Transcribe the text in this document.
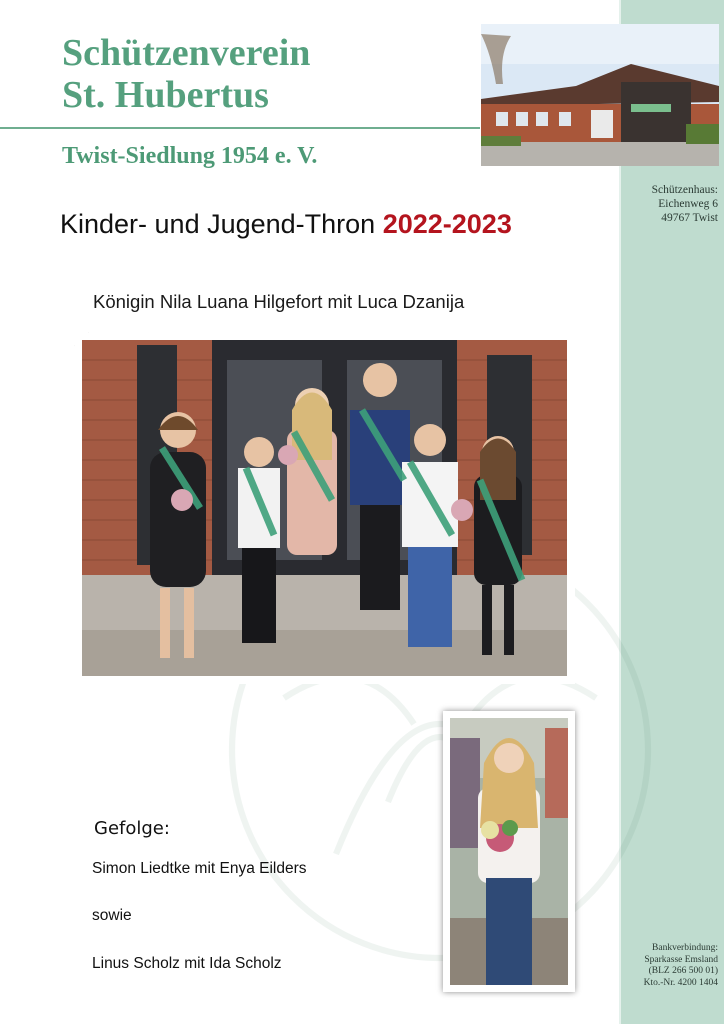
Schützenverein
St. Hubertus
Twist-Siedlung 1954 e. V.
Schützenhaus:
Eichenweg 6
49767 Twist
Kinder- und Jugend-Thron 2022-2023
Königin Nila Luana Hilgefort mit Luca Dzanija
Gefolge:
Simon Liedtke mit Enya Eilders
sowie
Linus Scholz mit Ida Scholz
Bankverbindung:
Sparkasse Emsland
(BLZ 266 500 01)
Kto.-Nr. 4200 1404
